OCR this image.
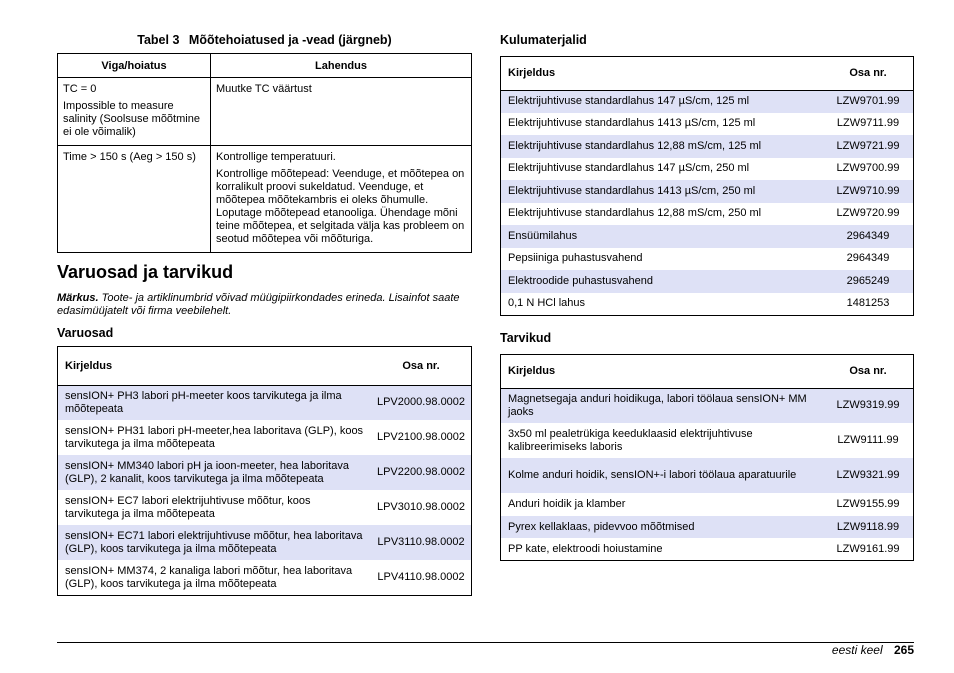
Tabel 3 Mõõtehoiatused ja -vead (järgneb)
Viga/hoiatus	Lahendus

TC = 0

Impossible to measure salinity (Soolsuse mõõtmine ei ole võimalik)	Muutke TC väärtust

Time > 150 s (Aeg > 150 s)	Kontrollige temperatuuri.

Kontrollige mõõtepead: Veenduge, et mõõtepea on korralikult proovi sukeldatud. Veenduge, et mõõtepea mõõtekambris ei oleks õhumulle. Loputage mõõtepead etanooliga. Ühendage mõni teine mõõtepea, et selgitada välja kas probleem on seotud mõõtepea või mõõturiga.

Varuosad ja tarvikud
Märkus. Toote- ja artiklinumbrid võivad müügipiirkondades erineda. Lisainfot saate edasimüüjatelt või firma veebilehelt.
Varuosad
Kirjeldus	Osa nr.
sensION+ PH3 labori pH-meeter koos tarvikutega ja ilma mõõtepeata	LPV2000.98.0002
sensION+ PH31 labori pH-meeter,hea laboritava (GLP), koos tarvikutega ja ilma mõõtepeata	LPV2100.98.0002
sensION+ MM340 labori pH ja ioon-meeter, hea laboritava (GLP), 2 kanalit, koos tarvikutega ja ilma mõõtepeata	LPV2200.98.0002
sensION+ EC7 labori elektrijuhtivuse mõõtur, koos tarvikutega ja ilma mõõtepeata	LPV3010.98.0002
sensION+ EC71 labori elektrijuhtivuse mõõtur, hea laboritava (GLP), koos tarvikutega ja ilma mõõtepeata	LPV3110.98.0002
sensION+ MM374, 2 kanaliga labori mõõtur, hea laboritava (GLP), koos tarvikutega ja ilma mõõtepeata	LPV4110.98.0002
Kulumaterjalid
Kirjeldus	Osa nr.
Elektrijuhtivuse standardlahus 147 µS/cm, 125 ml	LZW9701.99
Elektrijuhtivuse standardlahus 1413 µS/cm, 125 ml	LZW9711.99
Elektrijuhtivuse standardlahus 12,88 mS/cm, 125 ml	LZW9721.99
Elektrijuhtivuse standardlahus 147 µS/cm, 250 ml	LZW9700.99
Elektrijuhtivuse standardlahus 1413 µS/cm, 250 ml	LZW9710.99
Elektrijuhtivuse standardlahus 12,88 mS/cm, 250 ml	LZW9720.99
Ensüümilahus	2964349
Pepsiiniga puhastusvahend	2964349
Elektroodide puhastusvahend	2965249
0,1 N HCl lahus	1481253
Tarvikud
Kirjeldus	Osa nr.
Magnetsegaja anduri hoidikuga, labori töölaua sensION+ MM jaoks	LZW9319.99
3x50 ml pealetrükiga keeduklaasid elektrijuhtivuse kalibreerimiseks laboris	LZW9111.99
Kolme anduri hoidik, sensION+-i labori töölaua aparatuurile	LZW9321.99
Anduri hoidik ja klamber	LZW9155.99
Pyrex kellaklaas, pidevvoo mõõtmised	LZW9118.99
PP kate, elektroodi hoiustamine	LZW9161.99
eesti keel 265
